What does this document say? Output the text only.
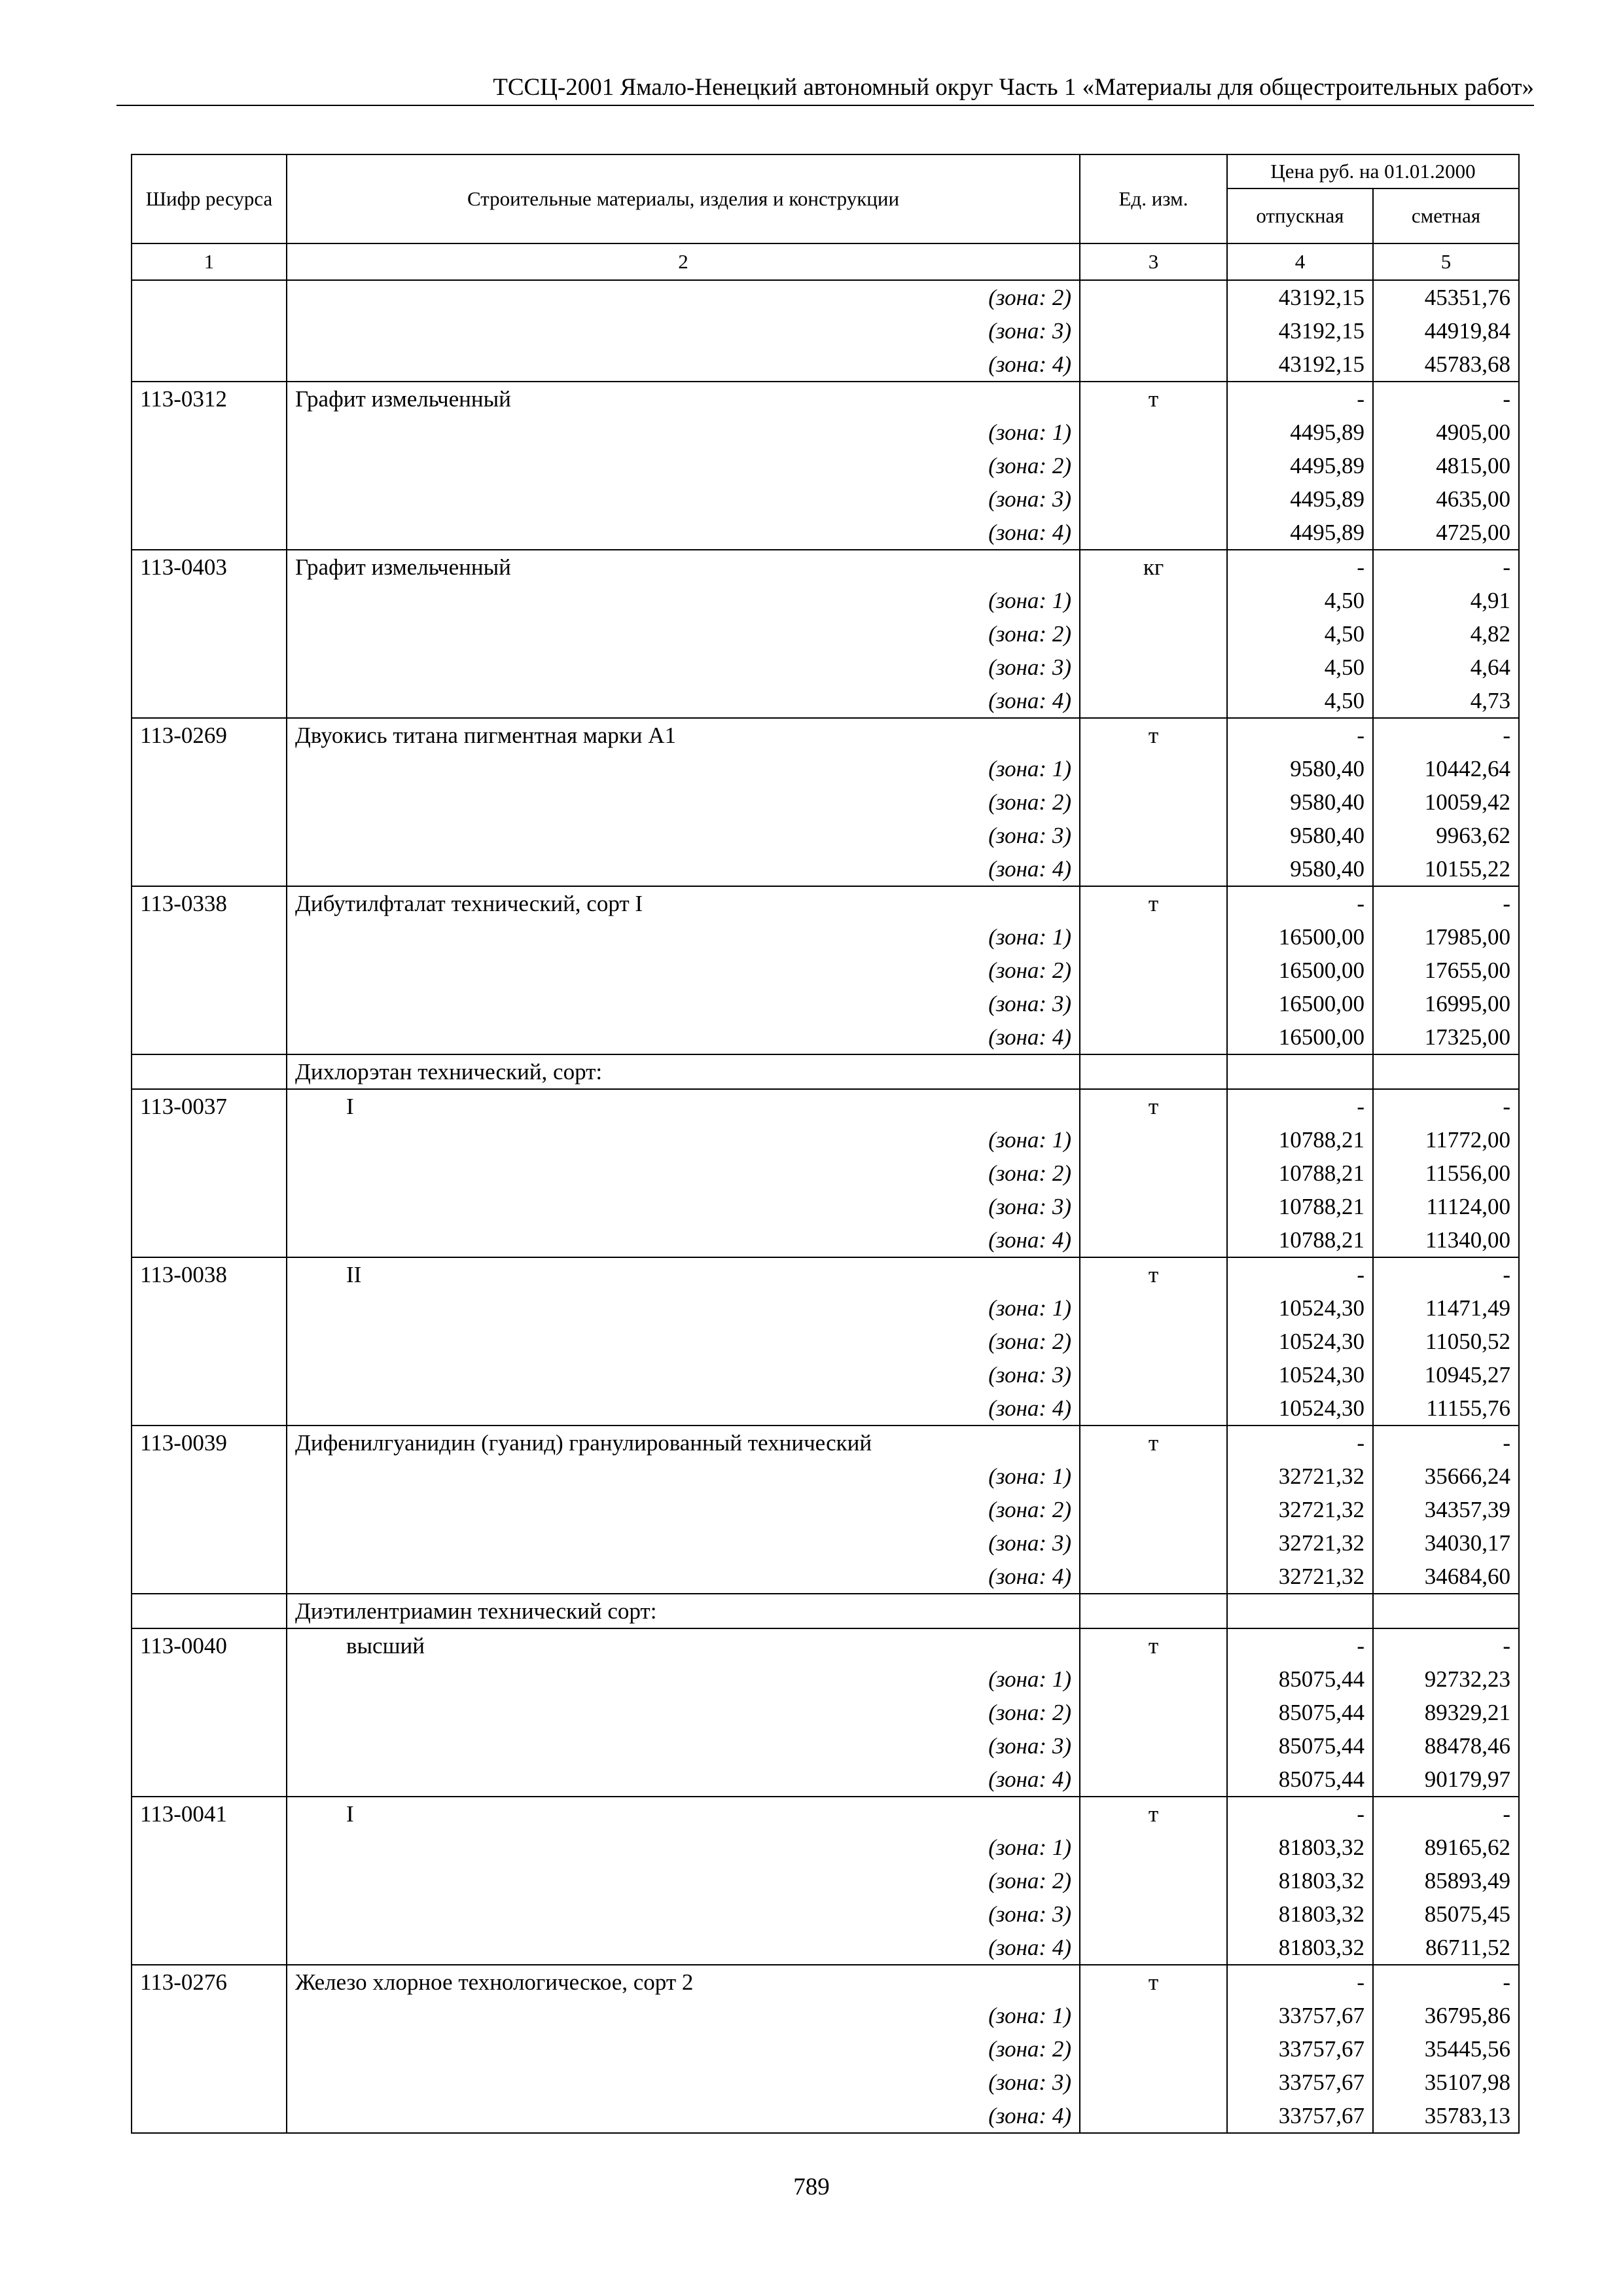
ТССЦ-2001 Ямало-Ненецкий автономный округ Часть 1 «Материалы для общестроительных работ»
Шифр ресурса	Строительные материалы, изделия и конструкции	Ед. изм.	Цена руб. на 01.01.2000	
			отпускная	сметная
1	2	3	4	5
	(зона: 2)		43192,15	45351,76
	(зона: 3)		43192,15	44919,84
	(зона: 4)		43192,15	45783,68
113-0312	Графит измельченный	т	-	-
	(зона: 1)		4495,89	4905,00
	(зона: 2)		4495,89	4815,00
	(зона: 3)		4495,89	4635,00
	(зона: 4)		4495,89	4725,00
113-0403	Графит измельченный	кг	-	-
	(зона: 1)		4,50	4,91
	(зона: 2)		4,50	4,82
	(зона: 3)		4,50	4,64
	(зона: 4)		4,50	4,73
113-0269	Двуокись титана пигментная марки А1	т	-	-
	(зона: 1)		9580,40	10442,64
	(зона: 2)		9580,40	10059,42
	(зона: 3)		9580,40	9963,62
	(зона: 4)		9580,40	10155,22
113-0338	Дибутилфталат технический, сорт I	т	-	-
	(зона: 1)		16500,00	17985,00
	(зона: 2)		16500,00	17655,00
	(зона: 3)		16500,00	16995,00
	(зона: 4)		16500,00	17325,00
	Дихлорэтан технический, сорт:			
113-0037	I	т	-	-
	(зона: 1)		10788,21	11772,00
	(зона: 2)		10788,21	11556,00
	(зона: 3)		10788,21	11124,00
	(зона: 4)		10788,21	11340,00
113-0038	II	т	-	-
	(зона: 1)		10524,30	11471,49
	(зона: 2)		10524,30	11050,52
	(зона: 3)		10524,30	10945,27
	(зона: 4)		10524,30	11155,76
113-0039	Дифенилгуанидин (гуанид) гранулированный технический	т	-	-
	(зона: 1)		32721,32	35666,24
	(зона: 2)		32721,32	34357,39
	(зона: 3)		32721,32	34030,17
	(зона: 4)		32721,32	34684,60
	Диэтилентриамин технический сорт:			
113-0040	высший	т	-	-
	(зона: 1)		85075,44	92732,23
	(зона: 2)		85075,44	89329,21
	(зона: 3)		85075,44	88478,46
	(зона: 4)		85075,44	90179,97
113-0041	I	т	-	-
	(зона: 1)		81803,32	89165,62
	(зона: 2)		81803,32	85893,49
	(зона: 3)		81803,32	85075,45
	(зона: 4)		81803,32	86711,52
113-0276	Железо хлорное технологическое, сорт 2	т	-	-
	(зона: 1)		33757,67	36795,86
	(зона: 2)		33757,67	35445,56
	(зона: 3)		33757,67	35107,98
	(зона: 4)		33757,67	35783,13
789
